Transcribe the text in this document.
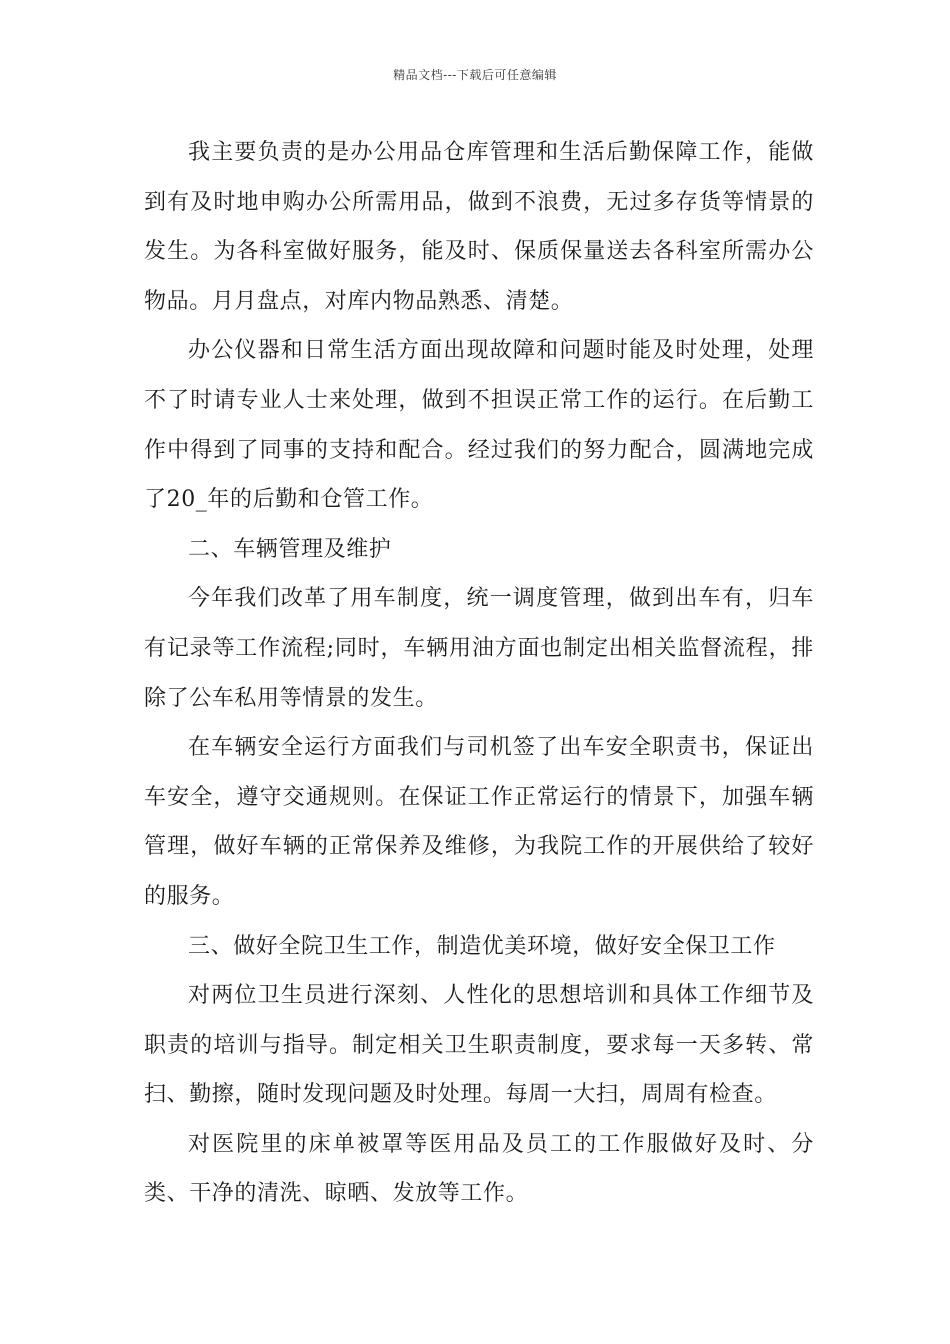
精品文档---下载后可任意编辑

我主要负责的是办公用品仓库管理和生活后勤保障工作，能做到有及时地申购办公所需用品，做到不浪费，无过多存货等情景的发生。为各科室做好服务，能及时、保质保量送去各科室所需办公物品。月月盘点，对库内物品熟悉、清楚。

办公仪器和日常生活方面出现故障和问题时能及时处理，处理不了时请专业人士来处理，做到不担误正常工作的运行。在后勤工作中得到了同事的支持和配合。经过我们的努力配合，圆满地完成了20_年的后勤和仓管工作。

二、车辆管理及维护

今年我们改革了用车制度，统一调度管理，做到出车有，归车有记录等工作流程;同时，车辆用油方面也制定出相关监督流程，排除了公车私用等情景的发生。

在车辆安全运行方面我们与司机签了出车安全职责书，保证出车安全，遵守交通规则。在保证工作正常运行的情景下，加强车辆管理，做好车辆的正常保养及维修，为我院工作的开展供给了较好的服务。

三、做好全院卫生工作，制造优美环境，做好安全保卫工作

对两位卫生员进行深刻、人性化的思想培训和具体工作细节及职责的培训与指导。制定相关卫生职责制度，要求每一天多转、常扫、勤擦，随时发现问题及时处理。每周一大扫，周周有检查。

对医院里的床单被罩等医用品及员工的工作服做好及时、分类、干净的清洗、晾晒、发放等工作。
